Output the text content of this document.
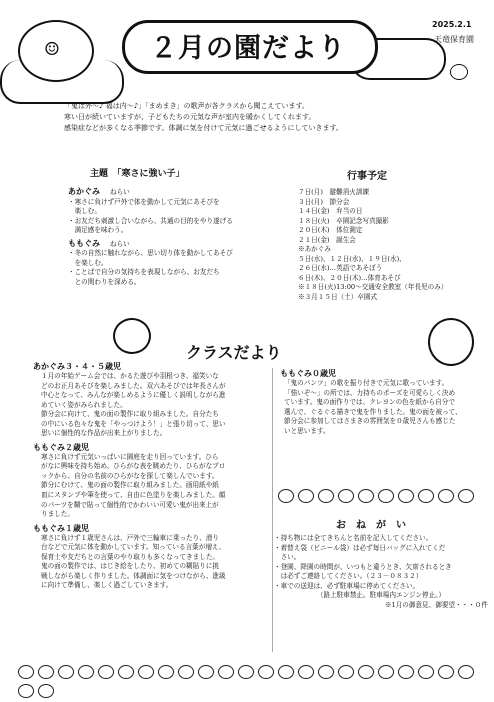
☺	２月の園だより
2025.2.1
天竜保育園
「鬼は外～♪ 福は内～♪」「まめまき」の歌声が各クラスから聞こえています。
寒い日が続いていますが、子どもたちの元気な声が室内を暖かくしてくれます。
感染症などが多くなる季節です。体調に気を付けて元気に過ごせるようにしていきます。
主題　「寒さに強い子」
あかぐみ ねらい
・寒さに負けず戸外で体を動かして元気にあそびを
　楽しむ。
・お友だち刺激し合いながら、共通の目的をやり遂げる
　満足感を味わう。
ももぐみ ねらい
・冬の自然に触れながら、思い切り体を動かしてあそび
　を楽しむ。
・ことばで自分の気持ちを表現しながら、お友だち
　との関わりを深める。
行事予定
７日(月)　避難消火訓練
３日(月)　節分会
１４日(金)　弁当の日
１８日(火)　卒園記念写真撮影
２０日(木)　体位測定
２１日(金)　誕生会
※あかぐみ
５日(水)、１２日(水)、１９日(水)、
２６日(水)…英語であそぼう
６日(木)、２０日(木)…体育あそび
※１８日(火)13:00～交通安全教室（年長児のみ）
※３月１５日（土）卒園式
クラスだより
あかぐみ３・４・５歳児
１月の年始ゲーム会では、かるた遊びや羽根つき、福笑いな
どのお正月あそびを楽しみました。双六あそびでは年長さんが
中心となって、みんなが楽しめるように優しく説明しながら進
めていく姿がみられました。
節分会に向けて、鬼の面の製作に取り組みました。自分たち
の中にいる色々な鬼を「やっつけよう！」と張り切って、思い
思いに個性的な作品が出来上がりました。
ももぐみ２歳児
寒さに負けず元気いっぱいに園庭を走り回っています。ひら
がなに興味を持ち始め、ひらがな表を眺めたり、ひらがなブロ
ックから、自分の名前のひらがなを探して楽しんでいます。
節分にむけて、鬼の面の製作に取り組みました。画用紙や紙
皿にスタンプや筆を使って、自由に色塗りを楽しみました。顔
のパーツを糊で貼って個性的でかわいい可愛い鬼が出来上が
りました。
ももぐみ１歳児
寒さに負けず１歳児さんは、戸外で三輪車に乗ったり、滑り
台などで元気に体を動かしています。知っている言葉が増え、
保育士や友だちとの言葉のやり取りも多くなってきました。
鬼の面の製作では、はじき絵をしたり、初めての糊貼りに挑
戦しながら楽しく作りました。体調面に気をつけながら、進級
に向けて準備し、楽しく過ごしていきます。
ももぐみ０歳児
「鬼のパンツ」の歌を振り付きで元気に歌っています。
「強いぞ～」の所では、力持ちのポーズを可愛らしく決め
ています。鬼の面作りでは、クレヨンの色を紙から自分で
選んで、ぐるぐる描きで鬼を作りました。鬼の面を被って、
節分会に参加してはさまきの雰囲気を０歳児さんも感じた
いと思います。
お　ね　が　い
・持ち物には全てきちんと名前を記入してください。
・着替え袋（ビニール袋）は必ず毎日バッグに入れてくだ
　さい。
・登園、降園の時間が、いつもと違うとき、欠席されるとき
　は必ずご連絡してください。（２３－０８３２）
・車での送迎は、必ず駐車場に停めてください。
（路上駐車禁止。駐車場内エンジン停止。）
※1月の御意見、御要望・・・０件
